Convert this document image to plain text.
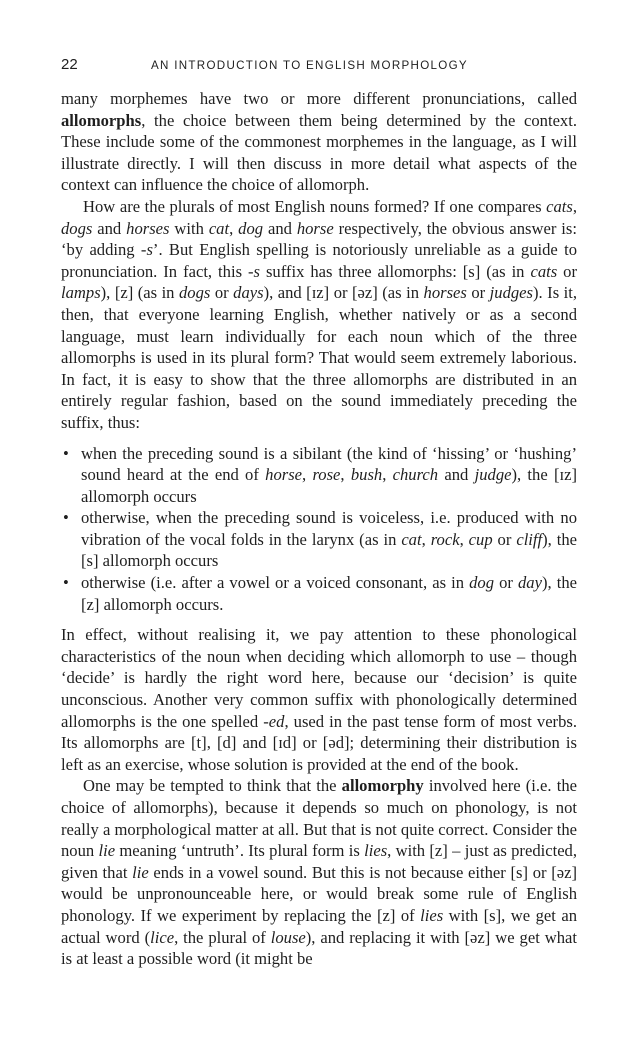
22	AN INTRODUCTION TO ENGLISH MORPHOLOGY

many morphemes have two or more different pronunciations, called allomorphs, the choice between them being determined by the context. These include some of the commonest morphemes in the language, as I will illustrate directly. I will then discuss in more detail what aspects of the context can influence the choice of allomorph.

How are the plurals of most English nouns formed? If one compares cats, dogs and horses with cat, dog and horse respectively, the obvious answer is: ‘by adding -s’. But English spelling is notoriously unreliable as a guide to pronunciation. In fact, this -s suffix has three allomorphs: [s] (as in cats or lamps), [z] (as in dogs or days), and [ɪz] or [əz] (as in horses or judges). Is it, then, that everyone learning English, whether natively or as a second language, must learn individually for each noun which of the three allomorphs is used in its plural form? That would seem extremely laborious. In fact, it is easy to show that the three allomorphs are distributed in an entirely regular fashion, based on the sound immediately preceding the suffix, thus:

• when the preceding sound is a sibilant (the kind of ‘hissing’ or ‘hushing’ sound heard at the end of horse, rose, bush, church and judge), the [ɪz] allomorph occurs
• otherwise, when the preceding sound is voiceless, i.e. produced with no vibration of the vocal folds in the larynx (as in cat, rock, cup or cliff), the [s] allomorph occurs
• otherwise (i.e. after a vowel or a voiced consonant, as in dog or day), the [z] allomorph occurs.

In effect, without realising it, we pay attention to these phonological characteristics of the noun when deciding which allomorph to use – though ‘decide’ is hardly the right word here, because our ‘decision’ is quite unconscious. Another very common suffix with phonologically determined allomorphs is the one spelled -ed, used in the past tense form of most verbs. Its allomorphs are [t], [d] and [ɪd] or [əd]; determining their distribution is left as an exercise, whose solution is provided at the end of the book.

One may be tempted to think that the allomorphy involved here (i.e. the choice of allomorphs), because it depends so much on phonology, is not really a morphological matter at all. But that is not quite correct. Consider the noun lie meaning ‘untruth’. Its plural form is lies, with [z] – just as predicted, given that lie ends in a vowel sound. But this is not because either [s] or [əz] would be unpronounceable here, or would break some rule of English phonology. If we experiment by replacing the [z] of lies with [s], we get an actual word (lice, the plural of louse), and replacing it with [əz] we get what is at least a possible word (it might be
